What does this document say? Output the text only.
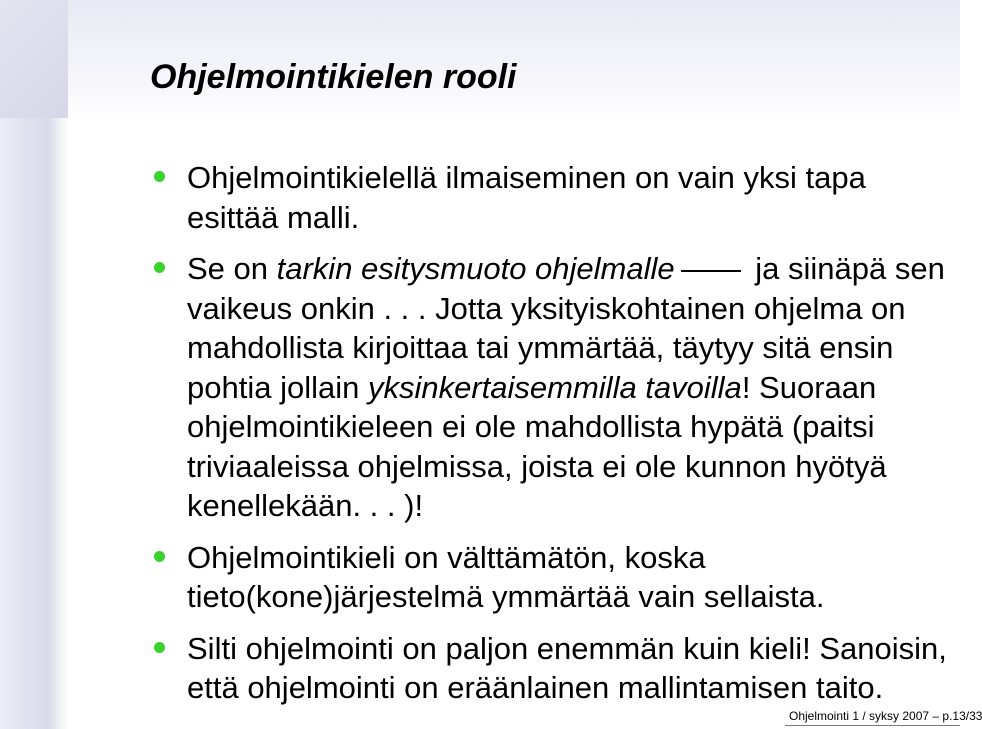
Ohjelmointikielen rooli
Ohjelmointikielellä ilmaiseminen on vain yksi tapa esittää malli.
Se on tarkin esitysmuoto ohjelmalle ja siinäpä sen vaikeus onkin . . . Jotta yksityiskohtainen ohjelma on mahdollista kirjoittaa tai ymmärtää, täytyy sitä ensin pohtia jollain yksinkertaisemmilla tavoilla! Suoraan ohjelmointikieleen ei ole mahdollista hypätä (paitsi triviaaleissa ohjelmissa, joista ei ole kunnon hyötyä kenellekään. . . )!
Ohjelmointikieli on välttämätön, koska tieto(kone)järjestelmä ymmärtää vain sellaista.
Silti ohjelmointi on paljon enemmän kuin kieli! Sanoisin, että ohjelmointi on eräänlainen mallintamisen taito.
Ohjelmointi 1 / syksy 2007 – p.13/33
